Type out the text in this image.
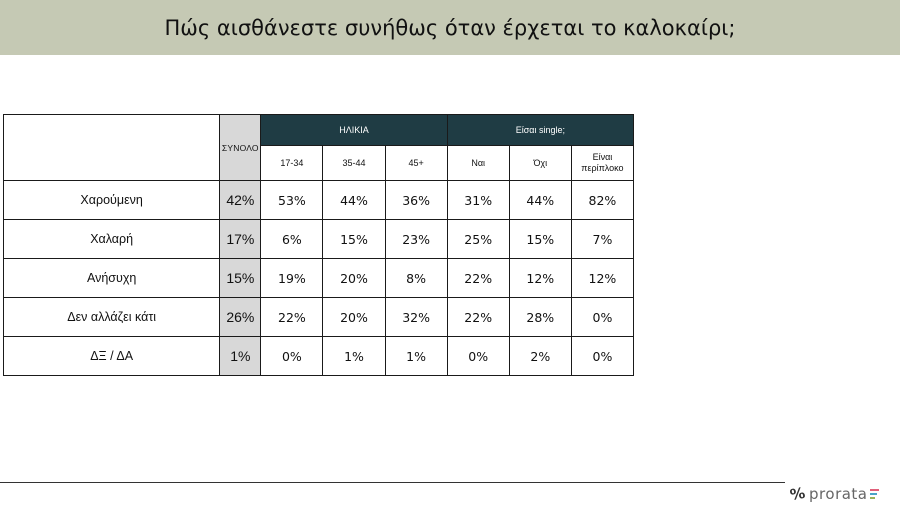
Πώς αισθάνεστε συνήθως όταν έρχεται το καλοκαίρι;
	ΣΥΝΟΛΟ	ΗΛΙΚΙΑ			Είσαι single;		
		17-34	35-44	45+	Ναι	Όχι	Είναι περίπλοκο
Χαρούμενη	42%	53%	44%	36%	31%	44%	82%
Χαλαρή	17%	6%	15%	23%	25%	15%	7%
Ανήσυχη	15%	19%	20%	8%	22%	12%	12%
Δεν αλλάζει κάτι	26%	22%	20%	32%	22%	28%	0%
ΔΞ / ΔΑ	1%	0%	1%	1%	0%	2%	0%
% prorata
